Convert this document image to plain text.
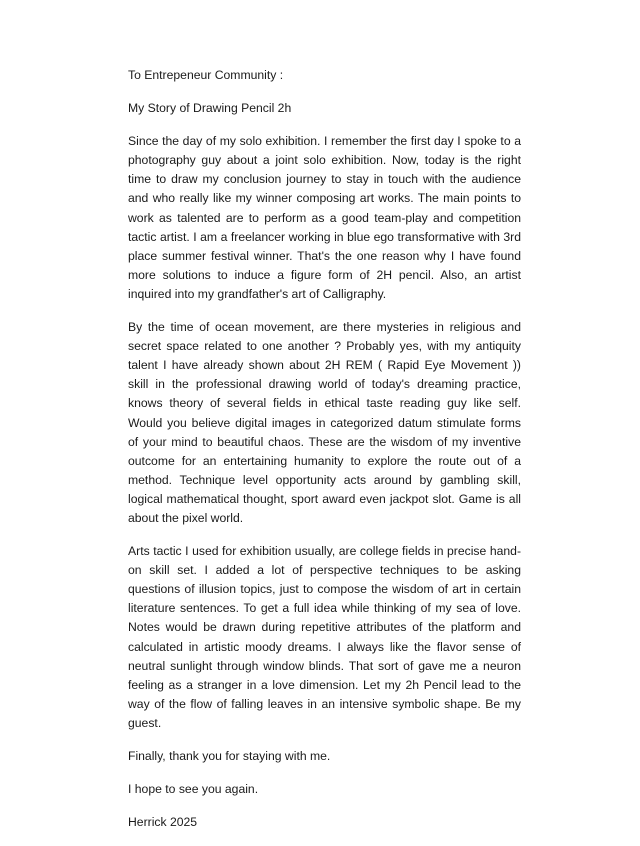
To Entrepeneur Community :

My Story of Drawing Pencil 2h

Since the day of my solo exhibition. I remember the first day I spoke to a photography guy about a joint solo exhibition. Now, today is the right time to draw my conclusion journey to stay in touch with the audience and who really like my winner composing art works. The main points to work as talented are to perform as a good team-play and competition tactic artist. I am a freelancer working in blue ego transformative with 3rd place summer festival winner. That's the one reason why I have found more solutions to induce a figure form of 2H pencil. Also, an artist inquired into my grandfather's art of Calligraphy.

By the time of ocean movement, are there mysteries in religious and secret space related to one another ? Probably yes, with my antiquity talent I have already shown about 2H REM ( Rapid Eye Movement )) skill in the professional drawing world of today's dreaming practice, knows theory of several fields in ethical taste reading guy like self. Would you believe digital images in categorized datum stimulate forms of your mind to beautiful chaos. These are the wisdom of my inventive outcome for an entertaining humanity to explore the route out of a method. Technique level opportunity acts around by gambling skill, logical mathematical thought, sport award even jackpot slot. Game is all about the pixel world.

Arts tactic I used for exhibition usually, are college fields in precise hand-on skill set. I added a lot of perspective techniques to be asking questions of illusion topics, just to compose the wisdom of art in certain literature sentences. To get a full idea while thinking of my sea of love. Notes would be drawn during repetitive attributes of the platform and calculated in artistic moody dreams. I always like the flavor sense of neutral sunlight through window blinds. That sort of gave me a neuron feeling as a stranger in a love dimension. Let my 2h Pencil lead to the way of the flow of falling leaves in an intensive symbolic shape. Be my guest.

Finally, thank you for staying with me.

I hope to see you again.

Herrick 2025
